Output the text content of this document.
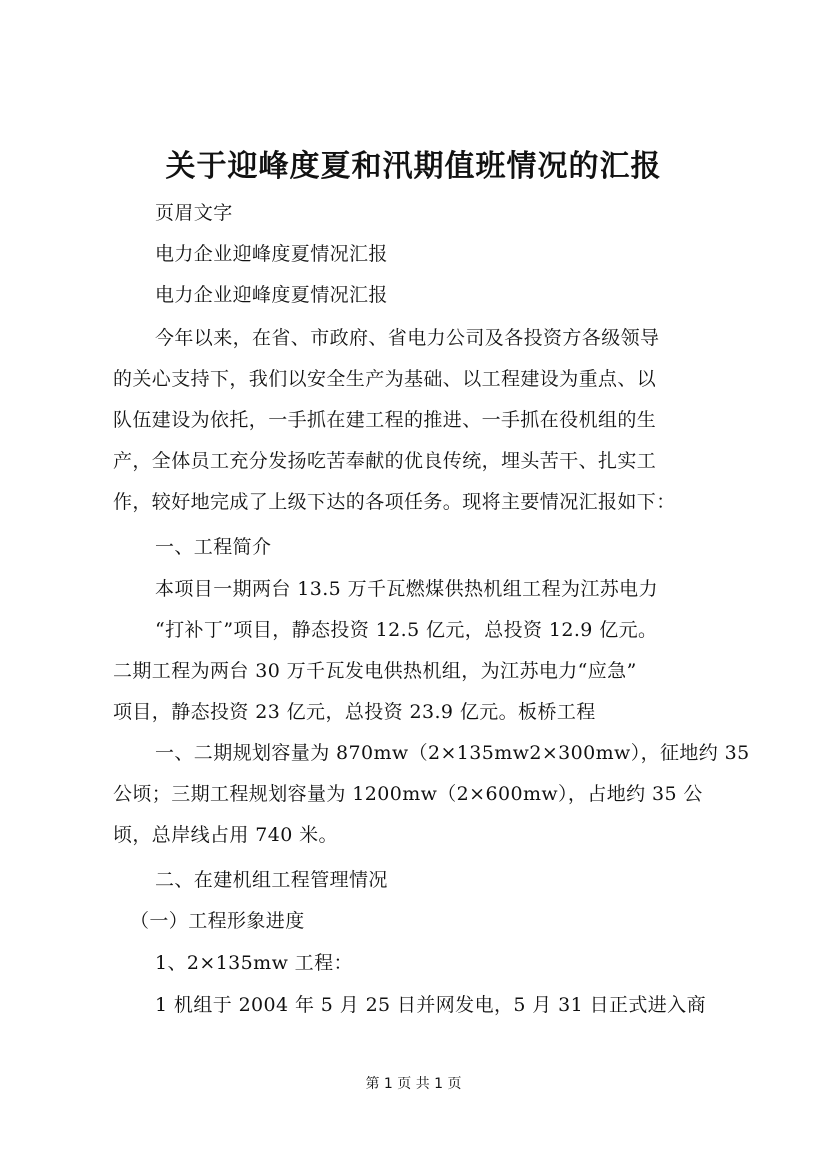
关于迎峰度夏和汛期值班情况的汇报
页眉文字
电力企业迎峰度夏情况汇报
电力企业迎峰度夏情况汇报
今年以来，在省、市政府、省电力公司及各投资方各级领导
的关心支持下，我们以安全生产为基础、以工程建设为重点、以
队伍建设为依托，一手抓在建工程的推进、一手抓在役机组的生
产，全体员工充分发扬吃苦奉献的优良传统，埋头苦干、扎实工
作，较好地完成了上级下达的各项任务。现将主要情况汇报如下：
一、工程简介
本项目一期两台 13.5 万千瓦燃煤供热机组工程为江苏电力
“打补丁”项目，静态投资 12.5 亿元，总投资 12.9 亿元。
二期工程为两台 30 万千瓦发电供热机组，为江苏电力“应急”
项目，静态投资 23 亿元，总投资 23.9 亿元。板桥工程
一、二期规划容量为 870mw（2×135mw2×300mw），征地约 35
公顷；三期工程规划容量为 1200mw（2×600mw），占地约 35 公
顷，总岸线占用 740 米。
二、在建机组工程管理情况
（一）工程形象进度
1、2×135mw 工程：
1 机组于 2004 年 5 月 25 日并网发电，5 月 31 日正式进入商
第 1 页 共 1 页
